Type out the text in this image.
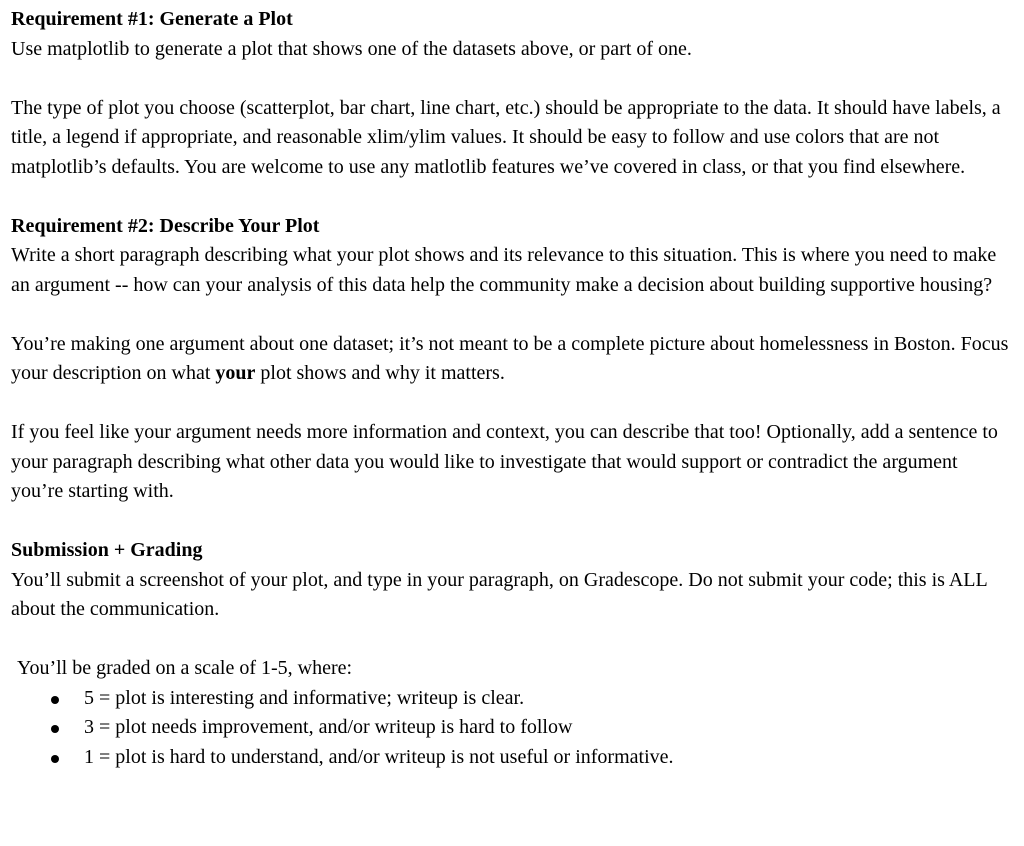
Requirement #1: Generate a Plot

Use matplotlib to generate a plot that shows one of the datasets above, or part of one.

The type of plot you choose (scatterplot, bar chart, line chart, etc.) should be appropriate to the data. It should have labels, a title, a legend if appropriate, and reasonable xlim/ylim values. It should be easy to follow and use colors that are not matplotlib’s defaults. You are welcome to use any matlotlib features we’ve covered in class, or that you find elsewhere.

Requirement #2: Describe Your Plot

Write a short paragraph describing what your plot shows and its relevance to this situation. This is where you need to make an argument -- how can your analysis of this data help the community make a decision about building supportive housing?

You’re making one argument about one dataset; it’s not meant to be a complete picture about homelessness in Boston. Focus your description on what your plot shows and why it matters.

If you feel like your argument needs more information and context, you can describe that too! Optionally, add a sentence to your paragraph describing what other data you would like to investigate that would support or contradict the argument you’re starting with.

Submission + Grading

You’ll submit a screenshot of your plot, and type in your paragraph, on Gradescope. Do not submit your code; this is ALL about the communication.

You’ll be graded on a scale of 1-5, where:

5 = plot is interesting and informative; writeup is clear.
3 = plot needs improvement, and/or writeup is hard to follow
1 = plot is hard to understand, and/or writeup is not useful or informative.
